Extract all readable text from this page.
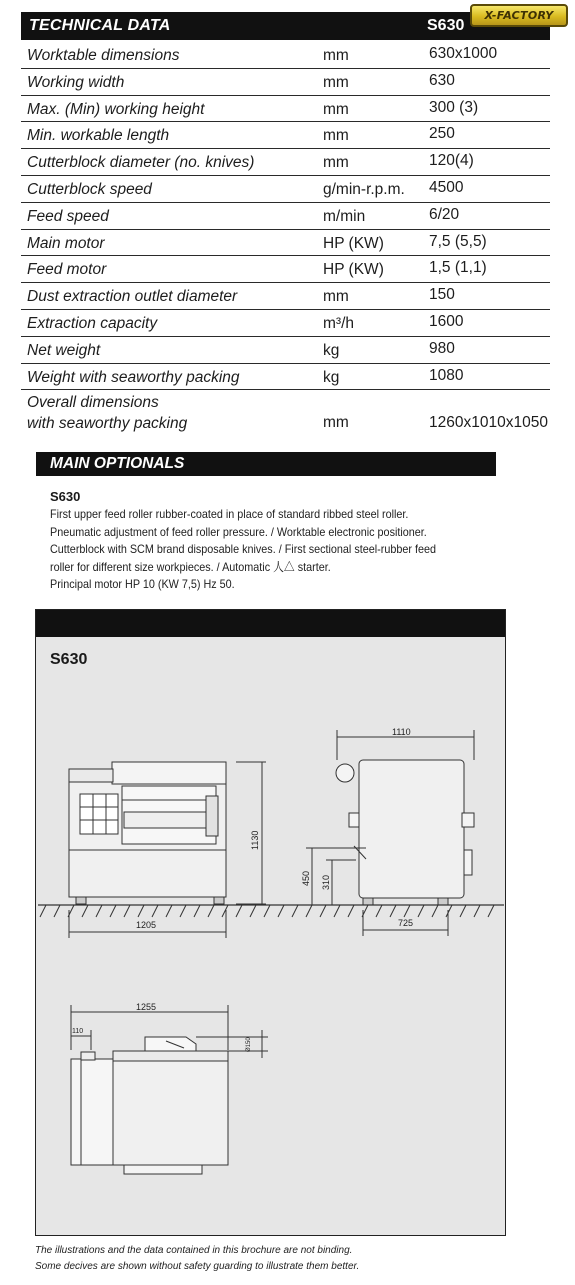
TECHNICAL DATA	S630
X-FACTORY
Worktable dimensions	mm	630x1000
Working width	mm	630
Max. (Min) working height	mm	300 (3)
Min. workable length	mm	250
Cutterblock diameter (no. knives)	mm	120(4)
Cutterblock speed	g/min-r.p.m. 4500
Feed speed	m/min	6/20
Main motor	HP (KW)	7,5 (5,5)
Feed motor	HP (KW)	1,5 (1,1)
Dust extraction outlet diameter	mm	150
Extraction capacity	m³/h	1600
Net weight	kg	980
Weight with seaworthy packing	kg	1080
Overall dimensions
with seaworthy packing	mm	1260x1010x1050
MAIN OPTIONALS
S630
First upper feed roller rubber-coated in place of standard ribbed steel roller.
Pneumatic adjustment of feed roller pressure. / Worktable electronic positioner.
Cutterblock with SCM brand disposable knives. / First sectional steel-rubber feed
roller for different size workpieces. / Automatic 人△ starter.
Principal motor HP 10 (KW 7,5) Hz 50.
S630
1130
1205
1110
450 310
725
1255
110
Ø150
The illustrations and the data contained in this brochure are not binding.
Some decives are shown without safety guarding to illustrate them better.
